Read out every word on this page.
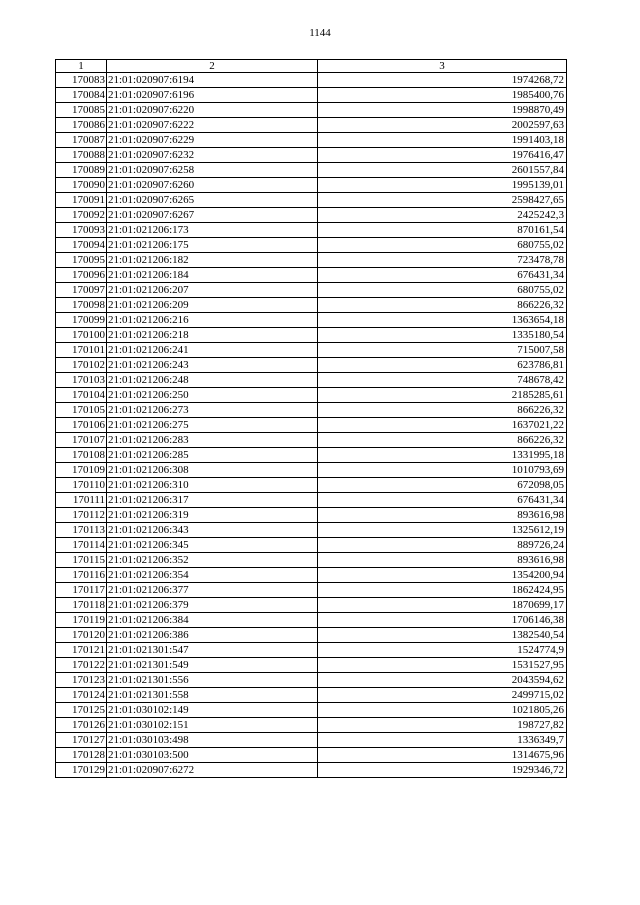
1144
1	2	3
170083	21:01:020907:6194	1974268,72
170084	21:01:020907:6196	1985400,76
170085	21:01:020907:6220	1998870,49
170086	21:01:020907:6222	2002597,63
170087	21:01:020907:6229	1991403,18
170088	21:01:020907:6232	1976416,47
170089	21:01:020907:6258	2601557,84
170090	21:01:020907:6260	1995139,01
170091	21:01:020907:6265	2598427,65
170092	21:01:020907:6267	2425242,3
170093	21:01:021206:173	870161,54
170094	21:01:021206:175	680755,02
170095	21:01:021206:182	723478,78
170096	21:01:021206:184	676431,34
170097	21:01:021206:207	680755,02
170098	21:01:021206:209	866226,32
170099	21:01:021206:216	1363654,18
170100	21:01:021206:218	1335180,54
170101	21:01:021206:241	715007,58
170102	21:01:021206:243	623786,81
170103	21:01:021206:248	748678,42
170104	21:01:021206:250	2185285,61
170105	21:01:021206:273	866226,32
170106	21:01:021206:275	1637021,22
170107	21:01:021206:283	866226,32
170108	21:01:021206:285	1331995,18
170109	21:01:021206:308	1010793,69
170110	21:01:021206:310	672098,05
170111	21:01:021206:317	676431,34
170112	21:01:021206:319	893616,98
170113	21:01:021206:343	1325612,19
170114	21:01:021206:345	889726,24
170115	21:01:021206:352	893616,98
170116	21:01:021206:354	1354200,94
170117	21:01:021206:377	1862424,95
170118	21:01:021206:379	1870699,17
170119	21:01:021206:384	1706146,38
170120	21:01:021206:386	1382540,54
170121	21:01:021301:547	1524774,9
170122	21:01:021301:549	1531527,95
170123	21:01:021301:556	2043594,62
170124	21:01:021301:558	2499715,02
170125	21:01:030102:149	1021805,26
170126	21:01:030102:151	198727,82
170127	21:01:030103:498	1336349,7
170128	21:01:030103:500	1314675,96
170129	21:01:020907:6272	1929346,72
